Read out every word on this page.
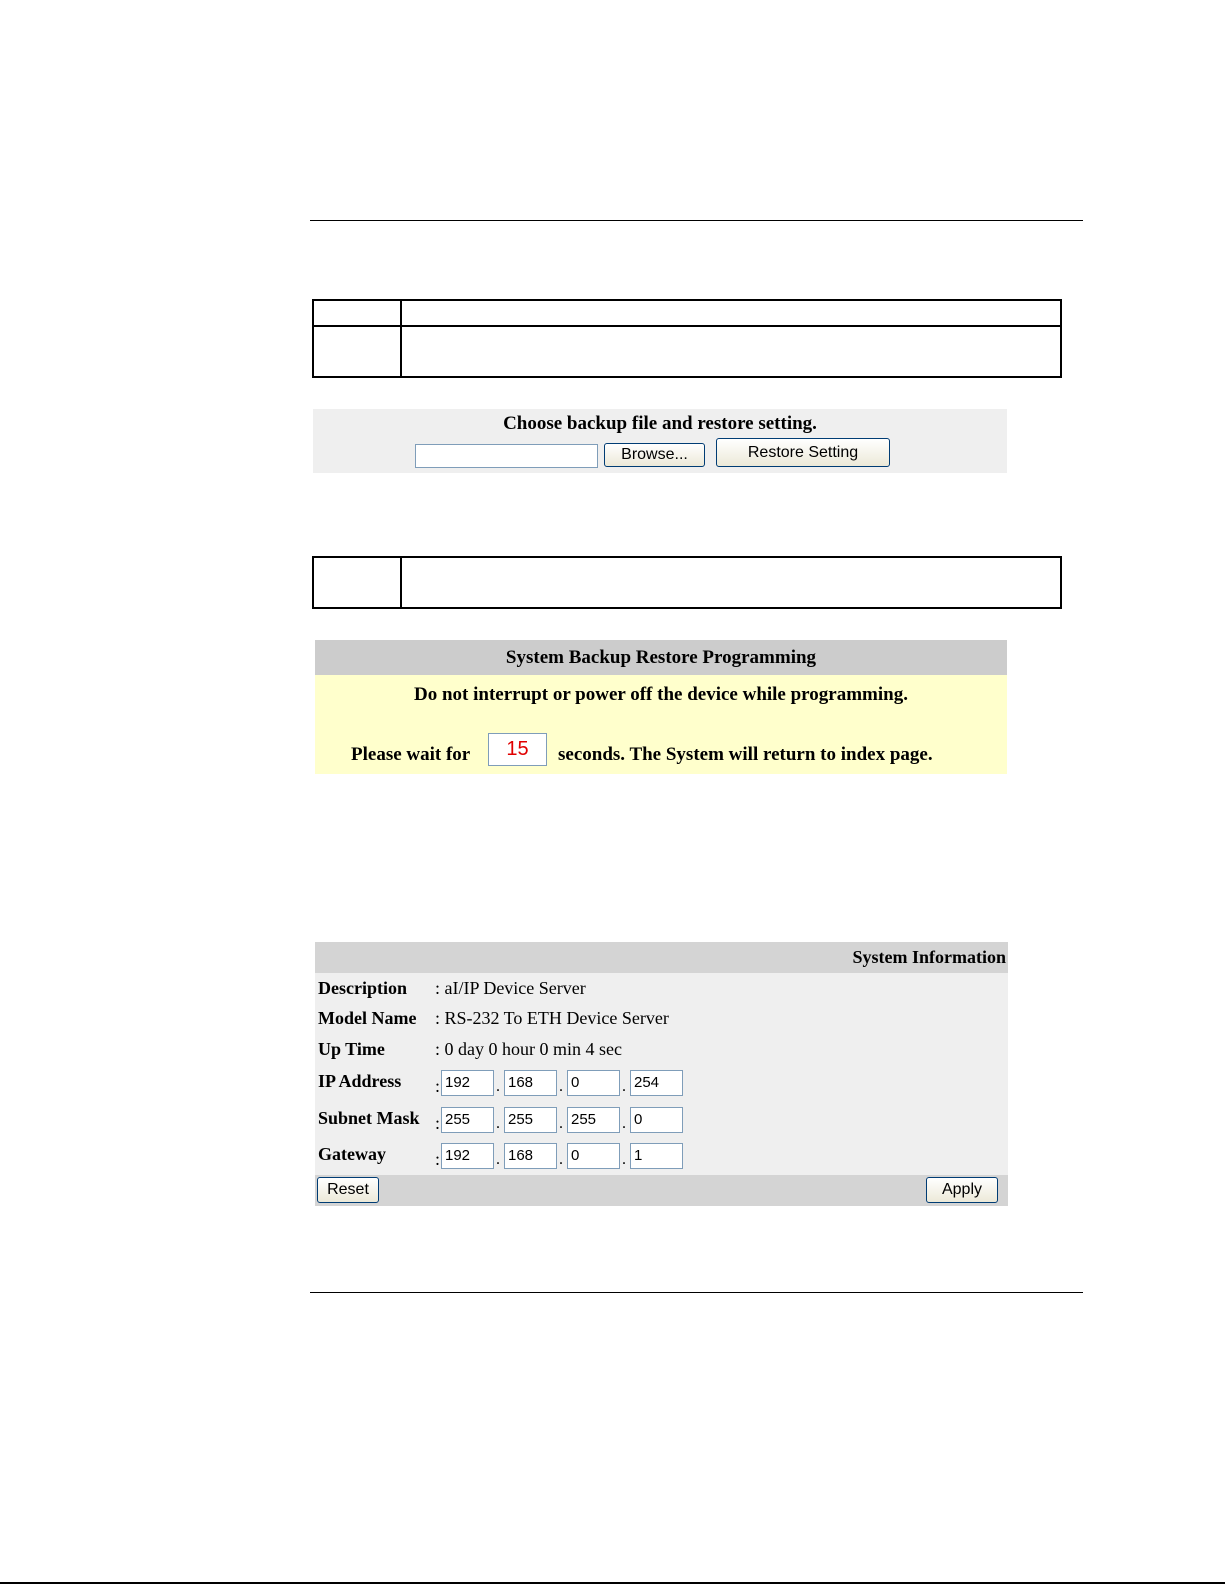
Choose backup file and restore setting.
Browse...	Restore Setting

System Backup Restore Programming
Do not interrupt or power off the device while programming.
Please wait for	15	seconds. The System will return to index page.
System Information
Description : aI/IP Device Server
Model Name : RS-232 To ETH Device Server
Up Time	: 0 day 0 hour 0 min 4 sec
IP Address : 192	. 168	. 0	. 254
Subnet Mask : 255	. 255	. 255	. 0
Gateway	: 192	. 168	. 0	. 1
Reset	Apply
